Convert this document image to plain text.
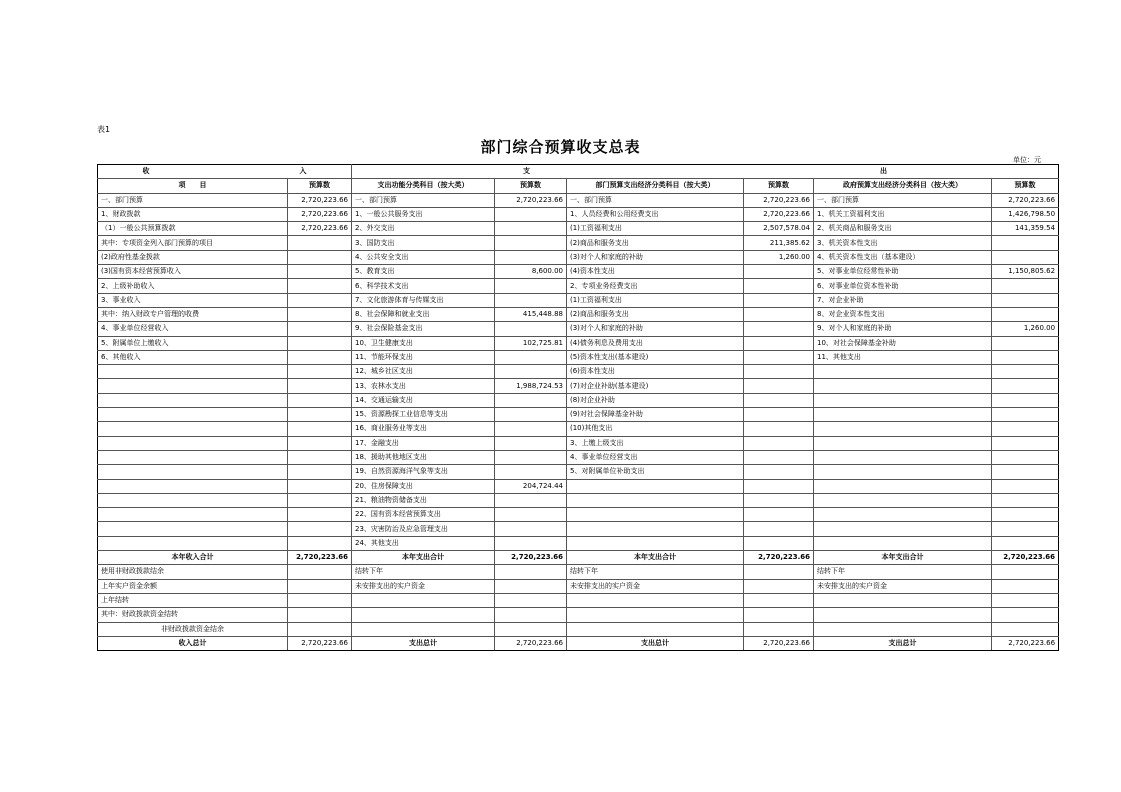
表1
部门综合预算收支总表
单位：元
收 入		支 出					
项　　目	预算数	支出功能分类科目（按大类）	预算数	部门预算支出经济分类科目（按大类）	预算数	政府预算支出经济分类科目（按大类）	预算数
一、部门预算	2,720,223.66	一、部门预算	2,720,223.66	一、部门预算	2,720,223.66	一、部门预算	2,720,223.66
1、财政拨款	2,720,223.66	1、一般公共服务支出		1、人员经费和公用经费支出	2,720,223.66	1、机关工资福利支出	1,426,798.50
（1）一般公共预算拨款	2,720,223.66	2、外交支出		(1)工资福利支出	2,507,578.04	2、机关商品和服务支出	141,359.54
其中：专项资金列入部门预算的项目		3、国防支出		(2)商品和服务支出	211,385.62	3、机关资本性支出	
(2)政府性基金拨款		4、公共安全支出		(3)对个人和家庭的补助	1,260.00	4、机关资本性支出（基本建设）	
(3)国有资本经营预算收入		5、教育支出	8,600.00	(4)资本性支出		5、对事业单位经常性补助	1,150,805.62
2、上级补助收入		6、科学技术支出		2、专项业务经费支出		6、对事业单位资本性补助	
3、事业收入		7、文化旅游体育与传媒支出		(1)工资福利支出		7、对企业补助	
其中：纳入财政专户管理的收费		8、社会保障和就业支出	415,448.88	(2)商品和服务支出		8、对企业资本性支出	
4、事业单位经营收入		9、社会保险基金支出		(3)对个人和家庭的补助		9、对个人和家庭的补助	1,260.00
5、附属单位上缴收入		10、卫生健康支出	102,725.81	(4)债务利息及费用支出		10、对社会保障基金补助	
6、其他收入		11、节能环保支出		(5)资本性支出(基本建设)		11、其他支出	
		12、城乡社区支出		(6)资本性支出			
		13、农林水支出	1,988,724.53	(7)对企业补助(基本建设)			
		14、交通运输支出		(8)对企业补助			
		15、资源勘探工业信息等支出		(9)对社会保障基金补助			
		16、商业服务业等支出		(10)其他支出			
		17、金融支出		3、上缴上级支出			
		18、援助其他地区支出		4、事业单位经营支出			
		19、自然资源海洋气象等支出		5、对附属单位补助支出			
		20、住房保障支出	204,724.44				
		21、粮油物资储备支出					
		22、国有资本经营预算支出					
		23、灾害防治及应急管理支出					
		24、其他支出					
本年收入合计	2,720,223.66	本年支出合计	2,720,223.66	本年支出合计	2,720,223.66	本年支出合计	2,720,223.66
使用非财政拨款结余		结转下年		结转下年		结转下年	
上年实户资金余额		未安排支出的实户资金		未安排支出的实户资金		未安排支出的实户资金	
上年结转							
其中：财政拨款资金结转							
非财政拨款资金结余							
收入总计	2,720,223.66	支出总计	2,720,223.66	支出总计	2,720,223.66	支出总计	2,720,223.66
